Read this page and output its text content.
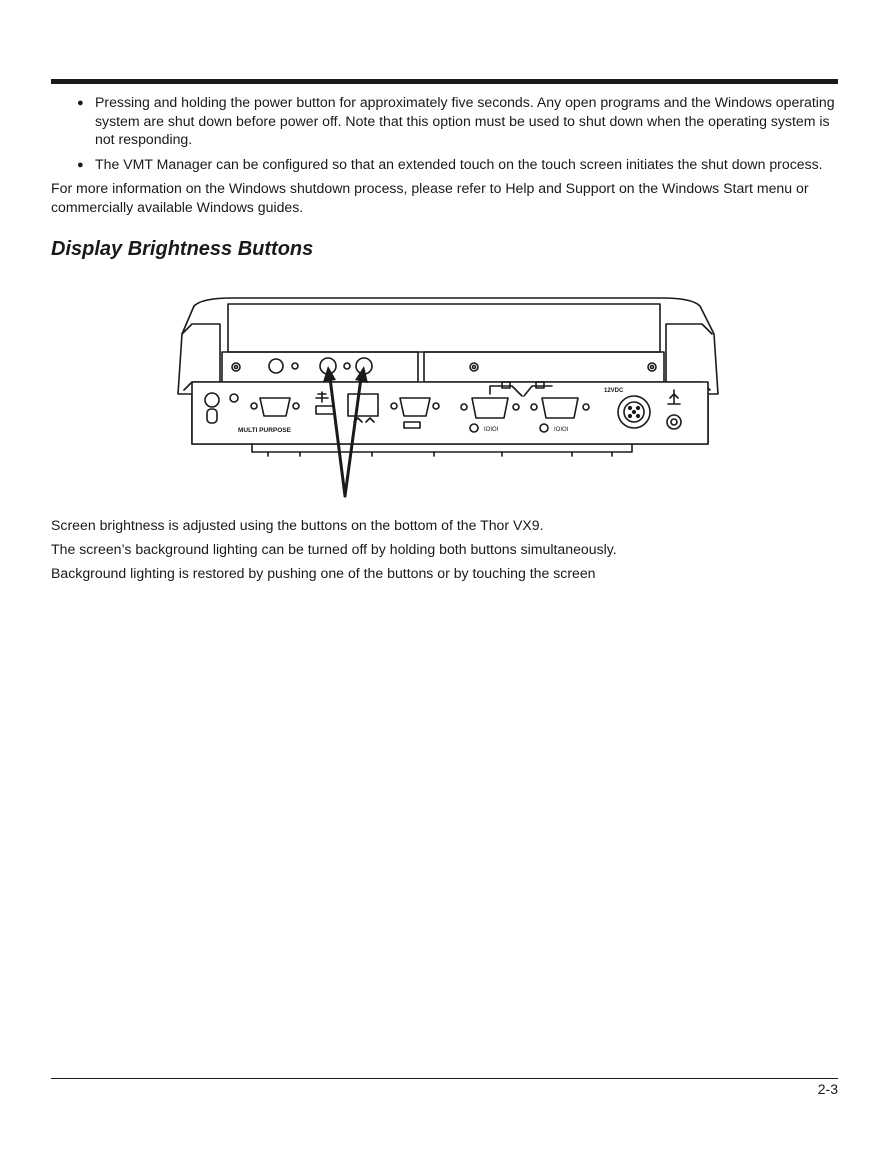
● Pressing and holding the power button for approximately five seconds. Any open programs and the Windows operating system are shut down before power off. Note that this option must be used to shut down when the operating system is not responding.
● The VMT Manager can be configured so that an extended touch on the touch screen initiates the shut down process.

For more information on the Windows shutdown process, please refer to Help and Support on the Windows Start menu or commercially available Windows guides.

Display Brightness Buttons
MULTI PURPOSE
12VDC
IOIOI	IOIOI

Screen brightness is adjusted using the buttons on the bottom of the Thor VX9.

The screen’s background lighting can be turned off by holding both buttons simultaneously.

Background lighting is restored by pushing one of the buttons or by touching the screen

2-3
